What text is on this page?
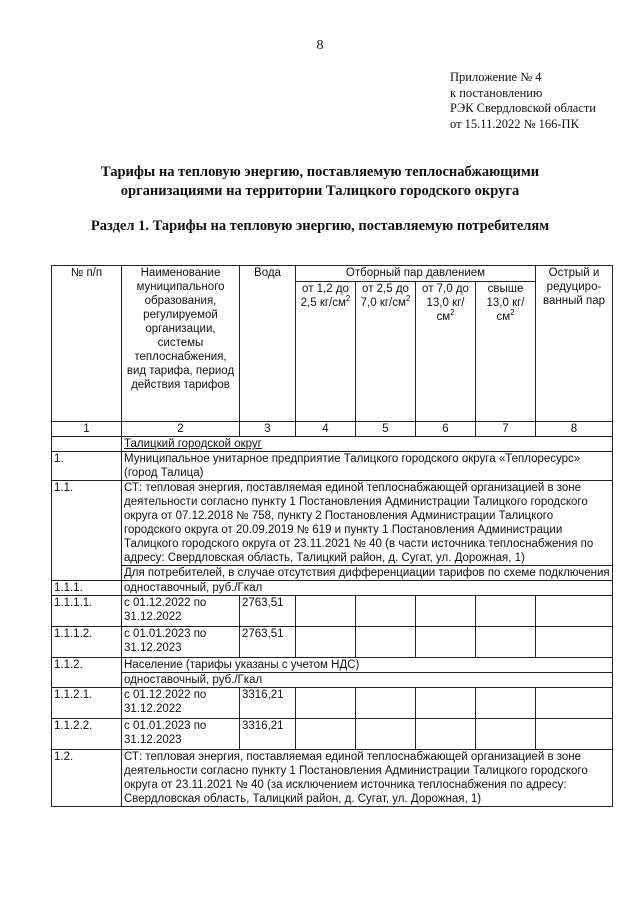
8
Приложение № 4
к постановлению
РЭК Свердловской области
от 15.11.2022 № 166-ПК
Тарифы на тепловую энергию, поставляемую теплоснабжающими
организациями на территории Талицкого городского округа
Раздел 1. Тарифы на тепловую энергию, поставляемую потребителям
№ п/п	Наименование муниципального образования, регулируемой организации, системы теплоснабжения, вид тарифа, период действия тарифов	Вода	Отборный пар давлением				Острый и редуциро-ванный пар
			от 1,2 до 2,5 $кг/см^2$	от 2,5 до 7,0 $кг/см^2$	от 7,0 до 13,0 $кг/см^2$	свыше 13,0 $кг/см^2$
1	2	3	4	5	6	7	8
	Талицкий городской округ						
1.	Муниципальное унитарное предприятие Талицкого городского округа «Теплоресурс» (город Талица)						
1.1.	СТ: тепловая энергия, поставляемая единой теплоснабжающей организацией в зоне деятельности согласно пункту 1 Постановления Администрации Талицкого городского округа от 07.12.2018 № 758, пункту 2 Постановления Администрации Талицкого городского округа от 20.09.2019 № 619 и пункту 1 Постановления Администрации Талицкого городского округа от 23.11.2021 № 40 (в части источника теплоснабжения по адресу: Свердловская область, Талицкий район, д. Сугат, ул. Дорожная, 1)						
	Для потребителей, в случае отсутствия дифференциации тарифов по схеме подключения						
1.1.1.	одноставочный, руб./Гкал						
1.1.1.1.	с 01.12.2022 по 31.12.2022	2763,51					
1.1.1.2.	с 01.01.2023 по 31.12.2023	2763,51					
1.1.2.	Население (тарифы указаны с учетом НДС)						
	одноставочный, руб./Гкал						
1.1.2.1.	с 01.12.2022 по 31.12.2022	3316,21					
1.1.2.2.	с 01.01.2023 по 31.12.2023	3316,21					
1.2.	СТ: тепловая энергия, поставляемая единой теплоснабжающей организацией в зоне деятельности согласно пункту 1 Постановления Администрации Талицкого городского округа от 23.11.2021 № 40 (за исключением источника теплоснабжения по адресу: Свердловская область, Талицкий район, д. Сугат, ул. Дорожная, 1)						
